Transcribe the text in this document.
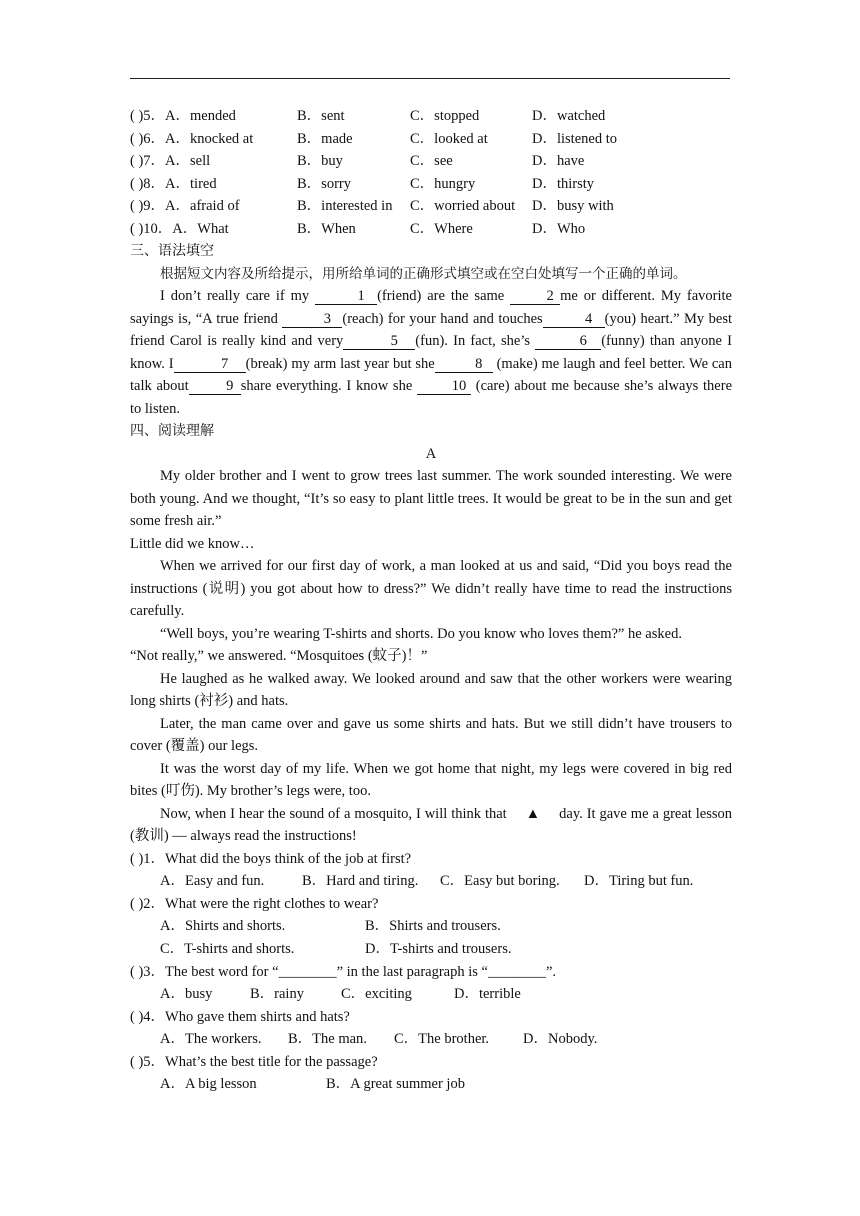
( )5．A．mended	B．sent	C．stopped	D．watched
( )6．A．knocked at	B．made	C．looked at	D．listened to
( )7．A．sell	B．buy	C．see	D．have
( )8．A．tired	B．sorry	C．hungry	D．thirsty
( )9．A．afraid of	B．interested in C．worried about D．busy with
( )10．A．What	B．When	C．Where	D．Who
三、语法填空
根据短文内容及所给提示，用所给单词的正确形式填空或在空白处填写一个正确的单词。
I don’t really care if my	1 (friend) are the same	2 me or different. My favorite sayings is, “A true friend	3 (reach) for your hand and touches	4 (you) heart.” My best friend Carol is really kind and very	5 (fun). In fact, she’s	6 (funny) than anyone I know. I	7 (break) my arm last year but she	8 (make) me laugh and feel better. We can talk about	9 share everything. I know she 10 (care) about me because she’s always there to listen.
四、阅读理解
A
My older brother and I went to grow trees last summer. The work sounded interesting. We were both young. And we thought, “It’s so easy to plant little trees. It would be great to be in the sun and get some fresh air.”
Little did we know…
When we arrived for our first day of work, a man looked at us and said, “Did you boys read the instructions (说明) you got about how to dress?” We didn’t really have time to read the instructions carefully.
“Well boys, you’re wearing T-shirts and shorts. Do you know who loves them?” he asked.
“Not really,” we answered. “Mosquitoes (蚊子)！”
He laughed as he walked away. We looked around and saw that the other workers were wearing long shirts (衬衫) and hats.
Later, the man came over and gave us some shirts and hats. But we still didn’t have trousers to cover (覆盖) our legs.
It was the worst day of my life. When we got home that night, my legs were covered in big red bites (叮伤). My brother’s legs were, too.
Now, when I hear the sound of a mosquito, I will think that　 ▲ 　day. It gave me a great lesson (教训) — always read the instructions!
( )1．What did the boys think of the job at first?
A．Easy and fun.	B．Hard and tiring. C．Easy but boring. D．Tiring but fun.
( )2．What were the right clothes to wear?
A．Shirts and shorts.	B．Shirts and trousers.
C．T-shirts and shorts.	D．T-shirts and trousers.
( )3．The best word for “________” in the last paragraph is “________”.
A．busy	B．rainy	C．exciting	D．terrible
( )4．Who gave them shirts and hats?
A．The workers. B．The man. C．The brother. D．Nobody.
( )5．What’s the best title for the passage?
A．A big lesson	B．A great summer job
